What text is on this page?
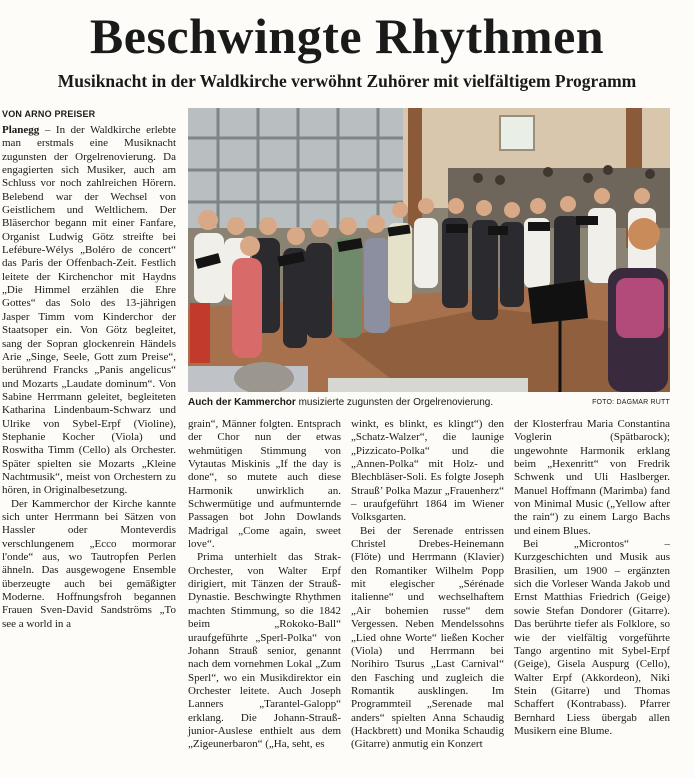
Beschwingte Rhythmen
Musiknacht in der Waldkirche verwöhnt Zuhörer mit vielfältigem Programm
VON ARNO PREISER
Auch der Kammerchor musizierte zugunsten der Orgelrenovierung.	FOTO: DAGMAR RUTT

Planegg – In der Waldkirche erlebte man erstmals eine Musiknacht zugunsten der Orgelrenovierung. Da engagierten sich Musiker, auch am Schluss vor noch zahlreichen Hörern. Belebend war der Wechsel von Geistlichem und Weltlichem. Der Bläserchor begann mit einer Fanfare, Organist Ludwig Götz streifte bei Lefébure-Wélys „Boléro de concert“ das Paris der Offenbach-Zeit. Festlich leitete der Kirchenchor mit Haydns „Die Himmel erzählen die Ehre Gottes“ das Solo des 13-jährigen Jasper Timm vom Kinderchor der Staatsoper ein. Von Götz begleitet, sang der Sopran glockenrein Händels Arie „Singe, Seele, Gott zum Preise“, berührend Francks „Panis angelicus“ und Mozarts „Laudate dominum“. Von Sabine Herrmann geleitet, begleiteten Katharina Lindenbaum-Schwarz und Ulrike von Sybel-Erpf (Violine), Stephanie Kocher (Viola) und Roswitha Timm (Cello) als Orchester. Später spielten sie Mozarts „Kleine Nachtmusik“, meist von Orchestern zu hören, in Originalbesetzung.

Der Kammerchor der Kirche kannte sich unter Herrmann bei Sätzen von Hassler oder Monteverdis verschlungenem „Ecco mormorar l'onde“ aus, wo Tautropfen Perlen ähneln. Das ausgewogene Ensemble überzeugte auch bei gemäßigter Moderne. Hoffnungsfroh begannen Frauen Sven-David Sandströms „To see a world in a

grain“, Männer folgten. Entsprach der Chor nun der etwas wehmütigen Stimmung von Vytautas Miskinis „If the day is done“, so mutete auch diese Harmonik unwirklich an. Schwermütige und aufmunternde Passagen bot John Dowlands Madrigal „Come again, sweet love“.

Prima unterhielt das Strak-Orchester, von Walter Erpf dirigiert, mit Tänzen der Strauß-Dynastie. Beschwingte Rhythmen machten Stimmung, so die 1842 beim „Rokoko-Ball“ uraufgeführte „Sperl-Polka“ von Johann Strauß senior, genannt nach dem vornehmen Lokal „Zum Sperl“, wo ein Musikdirektor ein Orchester leitete. Auch Joseph Lanners „Tarantel-Galopp“ erklang. Die Johann-Strauß-junior-Auslese enthielt aus dem „Zigeunerbaron“ („Ha, seht, es

winkt, es blinkt, es klingt“) den „Schatz-Walzer“, die launige „Pizzicato-Polka“ und die „Annen-Polka“ mit Holz- und Blechbläser-Soli. Es folgte Joseph Strauß’ Polka Mazur „Frauenherz“ – uraufgeführt 1864 im Wiener Volksgarten.

Bei der Serenade entrissen Christel Drebes-Heinemann (Flöte) und Herrmann (Klavier) den Romantiker Wilhelm Popp mit elegischer „Sérénade italienne“ und wechselhaftem „Air bohemien russe“ dem Vergessen. Neben Mendelssohns „Lied ohne Worte“ ließen Kocher (Viola) und Herrmann bei Norihiro Tsurus „Last Carnival“ den Fasching und zugleich die Romantik ausklingen. Im Programmteil „Serenade mal anders“ spielten Anna Schaudig (Hackbrett) und Monika Schaudig (Gitarre) anmutig ein Konzert

der Klosterfrau Maria Constantina Voglerin (Spätbarock); ungewohnte Harmonik erklang beim „Hexenritt“ von Fredrik Schwenk und Uli Haslberger. Manuel Hoffmann (Marimba) fand von Minimal Music („Yellow after the rain“) zu einem Largo Bachs und einem Blues.

Bei „Microntos“ – Kurzgeschichten und Musik aus Brasilien, um 1900 – ergänzten sich die Vorleser Wanda Jakob und Ernst Matthias Friedrich (Geige) sowie Stefan Dondorer (Gitarre). Das berührte tiefer als Folklore, so wie der vielfältig vorgeführte Tango argentino mit Sybel-Erpf (Geige), Gisela Auspurg (Cello), Walter Erpf (Akkordeon), Niki Stein (Gitarre) und Thomas Schaffert (Kontrabass). Pfarrer Bernhard Liess übergab allen Musikern eine Blume.
